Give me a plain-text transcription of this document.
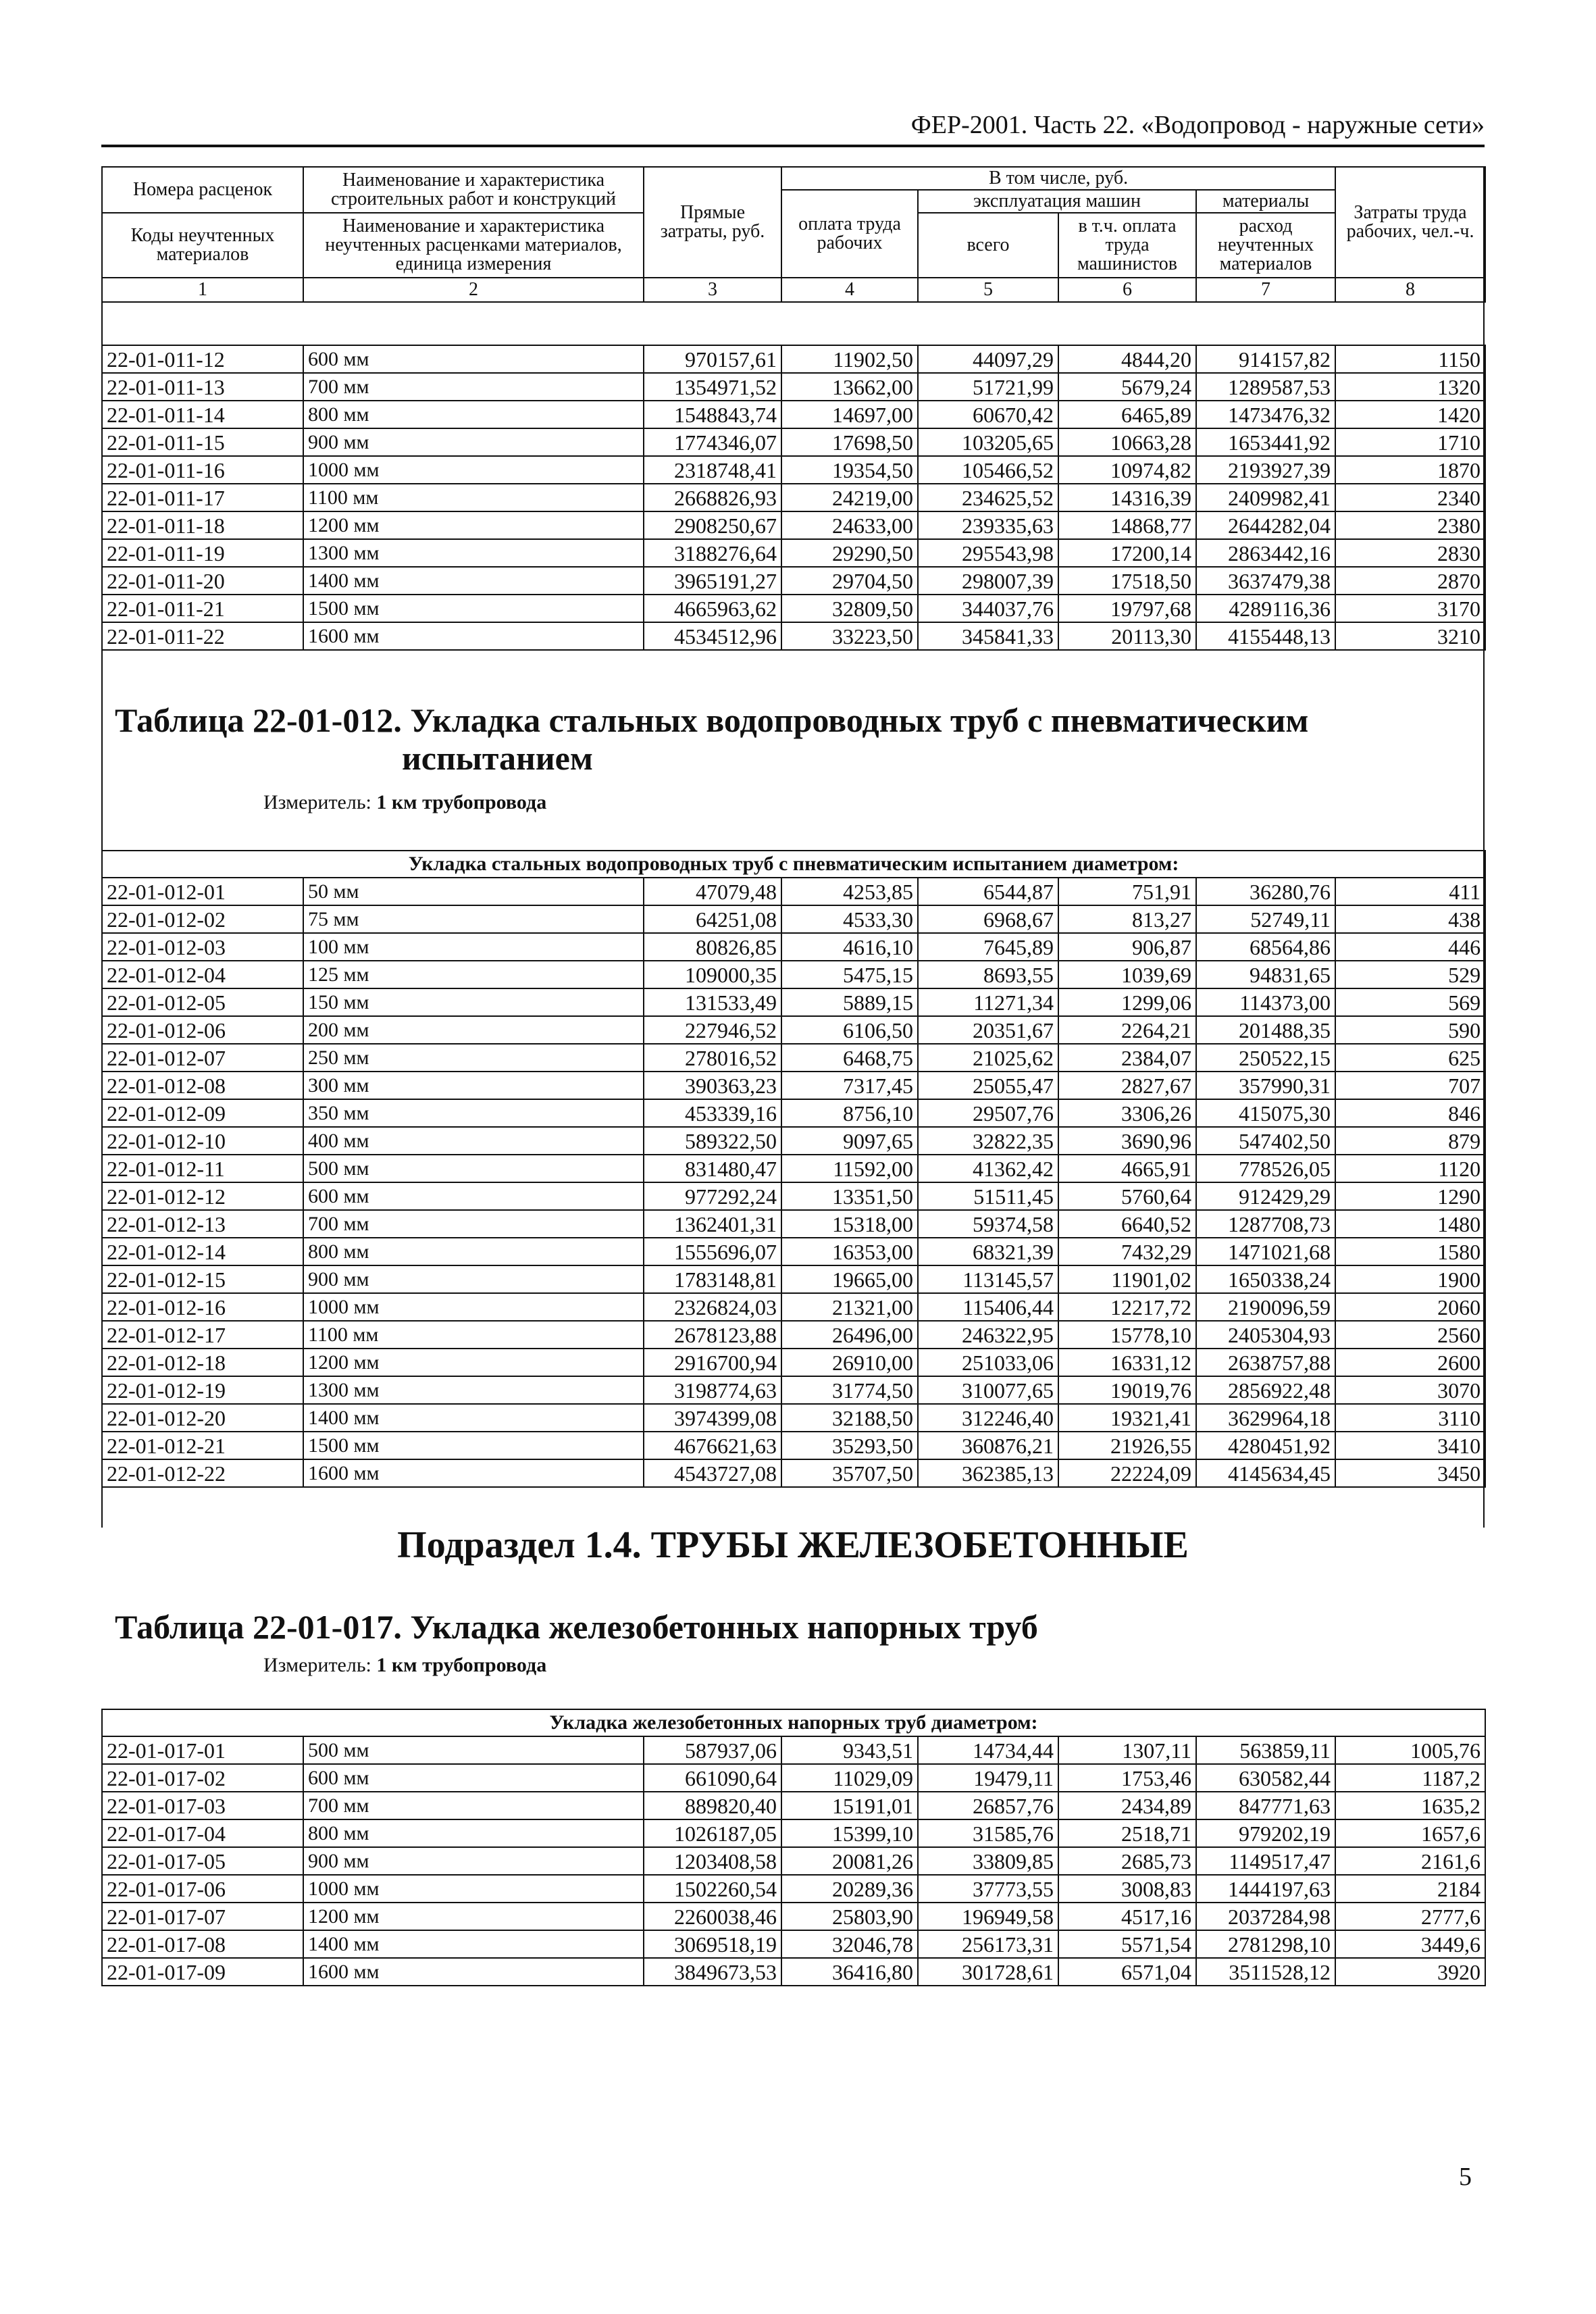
ФЕР-2001. Часть 22. «Водопровод - наружные сети»
Номера расценок	Наименование и характеристика строительных работ и конструкций	Прямые затраты, руб.	В том числе, руб.				Затраты труда рабочих, чел.-ч.
			оплата труда рабочих	эксплуатация машин		материалы	
Коды неучтенных материалов	Наименование и характеристика неучтенных расценками материалов, единица измерения			всего	в т.ч. оплата труда машинистов	расход неучтенных материалов	

1	2	3	4	5	6	7	8
22-01-011-12	600 мм	970157,61	11902,50	44097,29	4844,20	914157,82	1150
22-01-011-13	700 мм	1354971,52	13662,00	51721,99	5679,24	1289587,53	1320
22-01-011-14	800 мм	1548843,74	14697,00	60670,42	6465,89	1473476,32	1420
22-01-011-15	900 мм	1774346,07	17698,50	103205,65	10663,28	1653441,92	1710
22-01-011-16	1000 мм	2318748,41	19354,50	105466,52	10974,82	2193927,39	1870
22-01-011-17	1100 мм	2668826,93	24219,00	234625,52	14316,39	2409982,41	2340
22-01-011-18	1200 мм	2908250,67	24633,00	239335,63	14868,77	2644282,04	2380
22-01-011-19	1300 мм	3188276,64	29290,50	295543,98	17200,14	2863442,16	2830
22-01-011-20	1400 мм	3965191,27	29704,50	298007,39	17518,50	3637479,38	2870
22-01-011-21	1500 мм	4665963,62	32809,50	344037,76	19797,68	4289116,36	3170
22-01-011-22	1600 мм	4534512,96	33223,50	345841,33	20113,30	4155448,13	3210
Таблица 22-01-012. Укладка стальных водопроводных труб с пневматическим
испытанием
Измеритель: 1 км трубопровода
Укладка стальных водопроводных труб с пневматическим испытанием диаметром:							
22-01-012-01	50 мм	47079,48	4253,85	6544,87	751,91	36280,76	411
22-01-012-02	75 мм	64251,08	4533,30	6968,67	813,27	52749,11	438
22-01-012-03	100 мм	80826,85	4616,10	7645,89	906,87	68564,86	446
22-01-012-04	125 мм	109000,35	5475,15	8693,55	1039,69	94831,65	529
22-01-012-05	150 мм	131533,49	5889,15	11271,34	1299,06	114373,00	569
22-01-012-06	200 мм	227946,52	6106,50	20351,67	2264,21	201488,35	590
22-01-012-07	250 мм	278016,52	6468,75	21025,62	2384,07	250522,15	625
22-01-012-08	300 мм	390363,23	7317,45	25055,47	2827,67	357990,31	707
22-01-012-09	350 мм	453339,16	8756,10	29507,76	3306,26	415075,30	846
22-01-012-10	400 мм	589322,50	9097,65	32822,35	3690,96	547402,50	879
22-01-012-11	500 мм	831480,47	11592,00	41362,42	4665,91	778526,05	1120
22-01-012-12	600 мм	977292,24	13351,50	51511,45	5760,64	912429,29	1290
22-01-012-13	700 мм	1362401,31	15318,00	59374,58	6640,52	1287708,73	1480
22-01-012-14	800 мм	1555696,07	16353,00	68321,39	7432,29	1471021,68	1580
22-01-012-15	900 мм	1783148,81	19665,00	113145,57	11901,02	1650338,24	1900
22-01-012-16	1000 мм	2326824,03	21321,00	115406,44	12217,72	2190096,59	2060
22-01-012-17	1100 мм	2678123,88	26496,00	246322,95	15778,10	2405304,93	2560
22-01-012-18	1200 мм	2916700,94	26910,00	251033,06	16331,12	2638757,88	2600
22-01-012-19	1300 мм	3198774,63	31774,50	310077,65	19019,76	2856922,48	3070
22-01-012-20	1400 мм	3974399,08	32188,50	312246,40	19321,41	3629964,18	3110
22-01-012-21	1500 мм	4676621,63	35293,50	360876,21	21926,55	4280451,92	3410
22-01-012-22	1600 мм	4543727,08	35707,50	362385,13	22224,09	4145634,45	3450
Подраздел 1.4. ТРУБЫ ЖЕЛЕЗОБЕТОННЫЕ
Таблица 22-01-017. Укладка железобетонных напорных труб
Измеритель: 1 км трубопровода
Укладка железобетонных напорных труб диаметром:							
22-01-017-01	500 мм	587937,06	9343,51	14734,44	1307,11	563859,11	1005,76
22-01-017-02	600 мм	661090,64	11029,09	19479,11	1753,46	630582,44	1187,2
22-01-017-03	700 мм	889820,40	15191,01	26857,76	2434,89	847771,63	1635,2
22-01-017-04	800 мм	1026187,05	15399,10	31585,76	2518,71	979202,19	1657,6
22-01-017-05	900 мм	1203408,58	20081,26	33809,85	2685,73	1149517,47	2161,6
22-01-017-06	1000 мм	1502260,54	20289,36	37773,55	3008,83	1444197,63	2184
22-01-017-07	1200 мм	2260038,46	25803,90	196949,58	4517,16	2037284,98	2777,6
22-01-017-08	1400 мм	3069518,19	32046,78	256173,31	5571,54	2781298,10	3449,6
22-01-017-09	1600 мм	3849673,53	36416,80	301728,61	6571,04	3511528,12	3920
5
